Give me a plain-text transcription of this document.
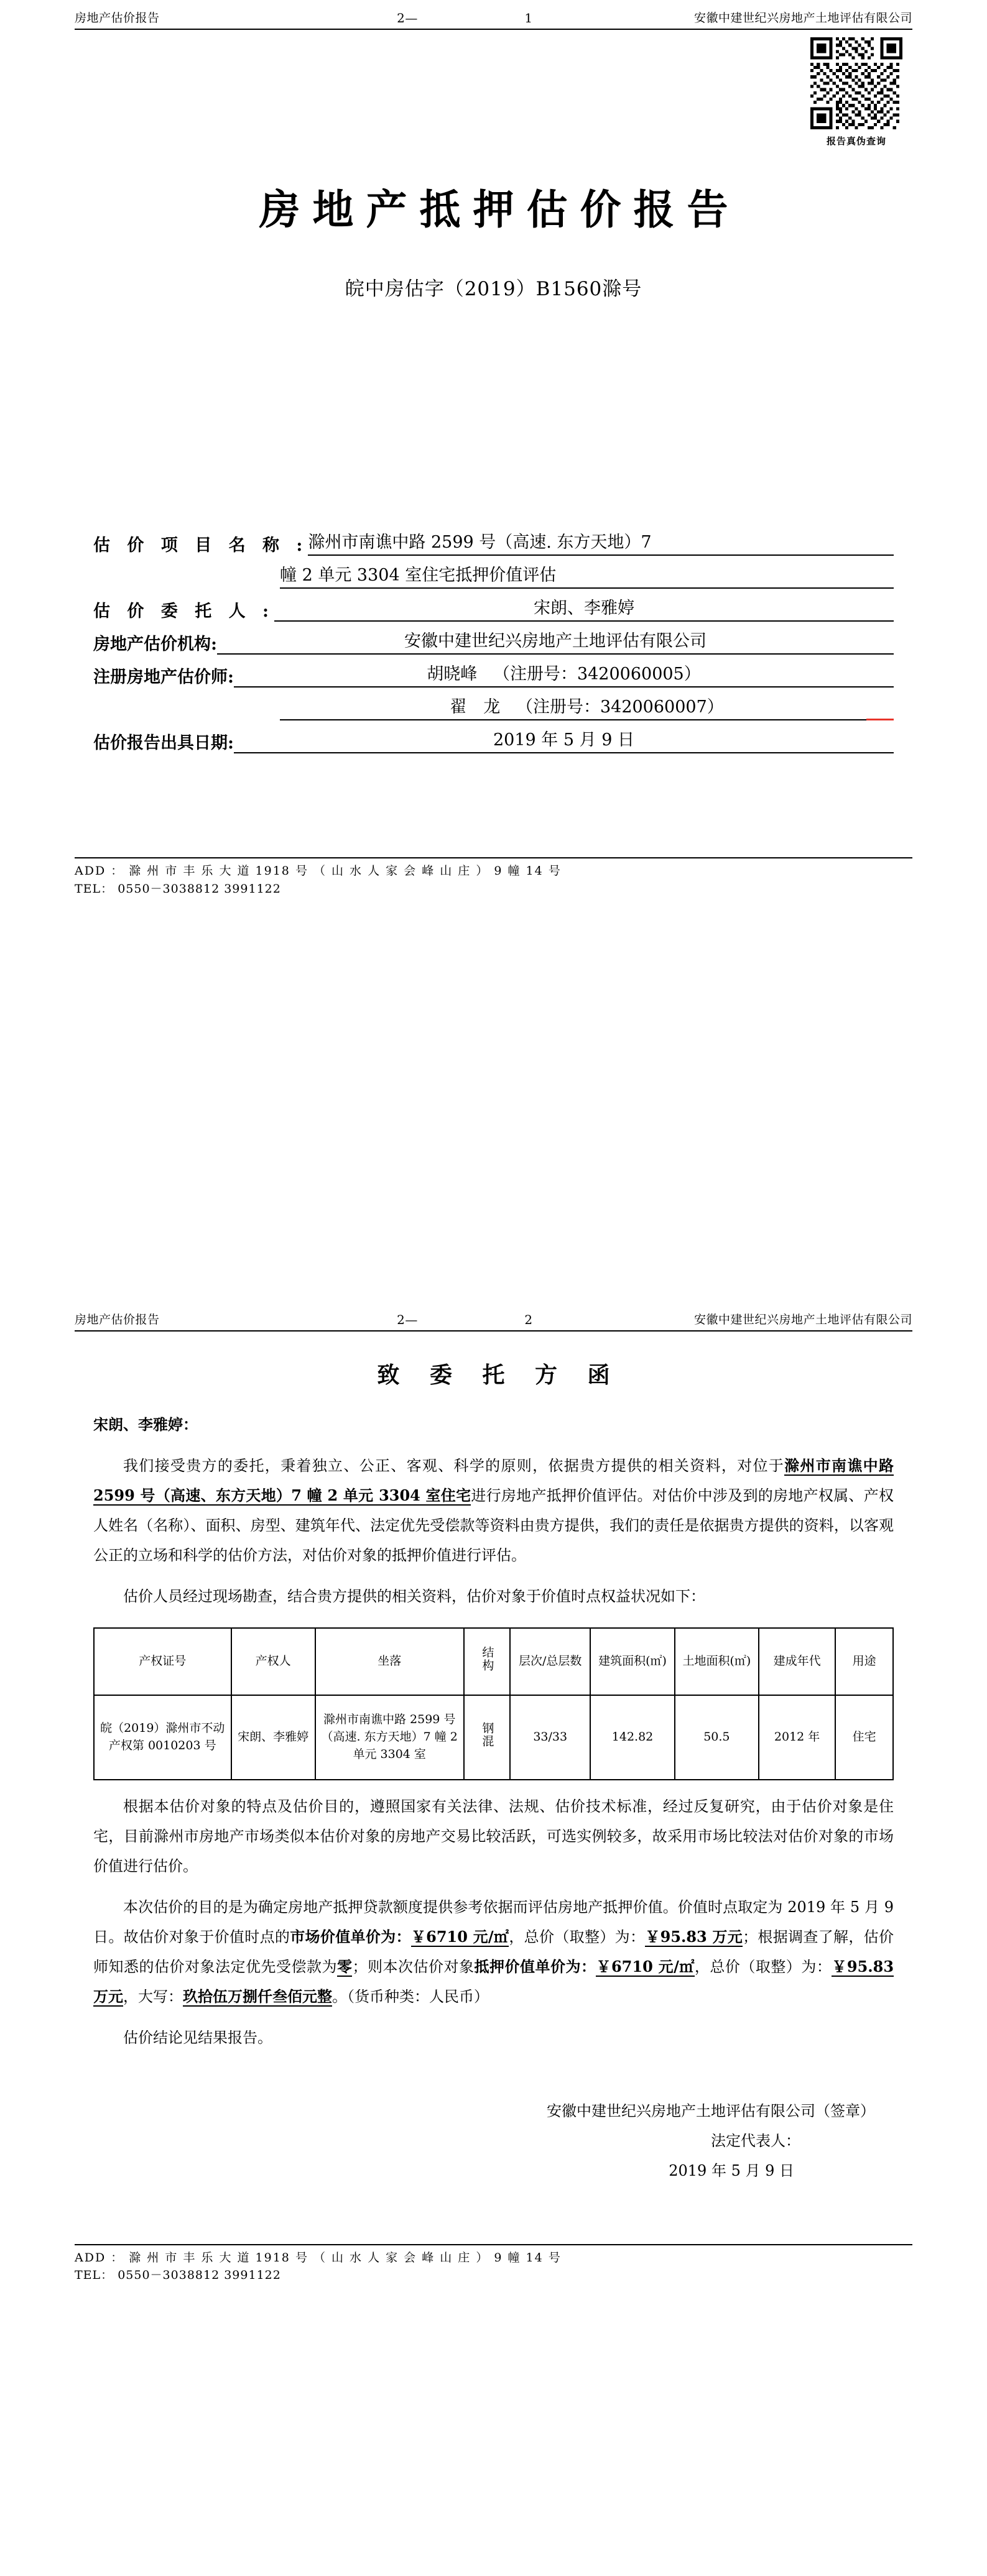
房地产估价报告	2—	1	安徽中建世纪兴房地产土地评估有限公司
报告真伪查询
房地产抵押估价报告
皖中房估字（2019）B1560滁号
估 价 项 目 名 称 : 滁州市南谯中路 2599 号（高速. 东方天地）7
幢 2 单元 3304 室住宅抵押价值评估
估 价 委 托 人 :	宋朗、李雅婷
房地产估价机构:	安徽中建世纪兴房地产土地评估有限公司
注册房地产估价师:	胡晓峰 （注册号：3420060005）
翟　龙 （注册号：3420060007）
估价报告出具日期:	2019 年 5 月 9 日
ADD ： 滁 州 市 丰 乐 大 道 1918 号 （ 山 水 人 家 会 峰 山 庄 ） 9 幢 14 号
TEL： 0550－3038812 3991122
房地产估价报告	2—	2	安徽中建世纪兴房地产土地评估有限公司
致 委 托 方 函
宋朗、李雅婷：
我们接受贵方的委托，秉着独立、公正、客观、科学的原则，依据贵方提供的相关资料，对位于滁州市南谯中路 2599 号（高速、东方天地）7 幢 2 单元 3304 室住宅进行房地产抵押价值评估。对估价中涉及到的房地产权属、产权人姓名（名称）、面积、房型、建筑年代、法定优先受偿款等资料由贵方提供，我们的责任是依据贵方提供的资料，以客观公正的立场和科学的估价方法，对估价对象的抵押价值进行评估。
估价人员经过现场勘查，结合贵方提供的相关资料，估价对象于价值时点权益状况如下：
产权证号	产权人	坐落	结构	层次/总层数	建筑面积(㎡)	土地面积(㎡)	建成年代	用途
皖（2019）滁州市不动产权第 0010203 号	宋朗、李雅婷	滁州市南谯中路 2599 号（高速. 东方天地）7 幢 2 单元 3304 室	钢混	33/33	142.82	50.5	2012 年	住宅
根据本估价对象的特点及估价目的，遵照国家有关法律、法规、估价技术标准，经过反复研究，由于估价对象是住宅，目前滁州市房地产市场类似本估价对象的房地产交易比较活跃，可选实例较多，故采用市场比较法对估价对象的市场价值进行估价。
本次估价的目的是为确定房地产抵押贷款额度提供参考依据而评估房地产抵押价值。价值时点取定为 2019 年 5 月 9 日。故估价对象于价值时点的市场价值单价为：￥6710 元/㎡，总价（取整）为：￥95.83 万元；根据调查了解，估价师知悉的估价对象法定优先受偿款为零；则本次估价对象抵押价值单价为：￥6710 元/㎡，总价（取整）为：￥95.83 万元，大写：玖拾伍万捌仟叁佰元整。（货币种类：人民币）
估价结论见结果报告。
安徽中建世纪兴房地产土地评估有限公司（签章）
法定代表人：
2019 年 5 月 9 日
ADD ： 滁 州 市 丰 乐 大 道 1918 号 （ 山 水 人 家 会 峰 山 庄 ） 9 幢 14 号
TEL： 0550－3038812 3991122
